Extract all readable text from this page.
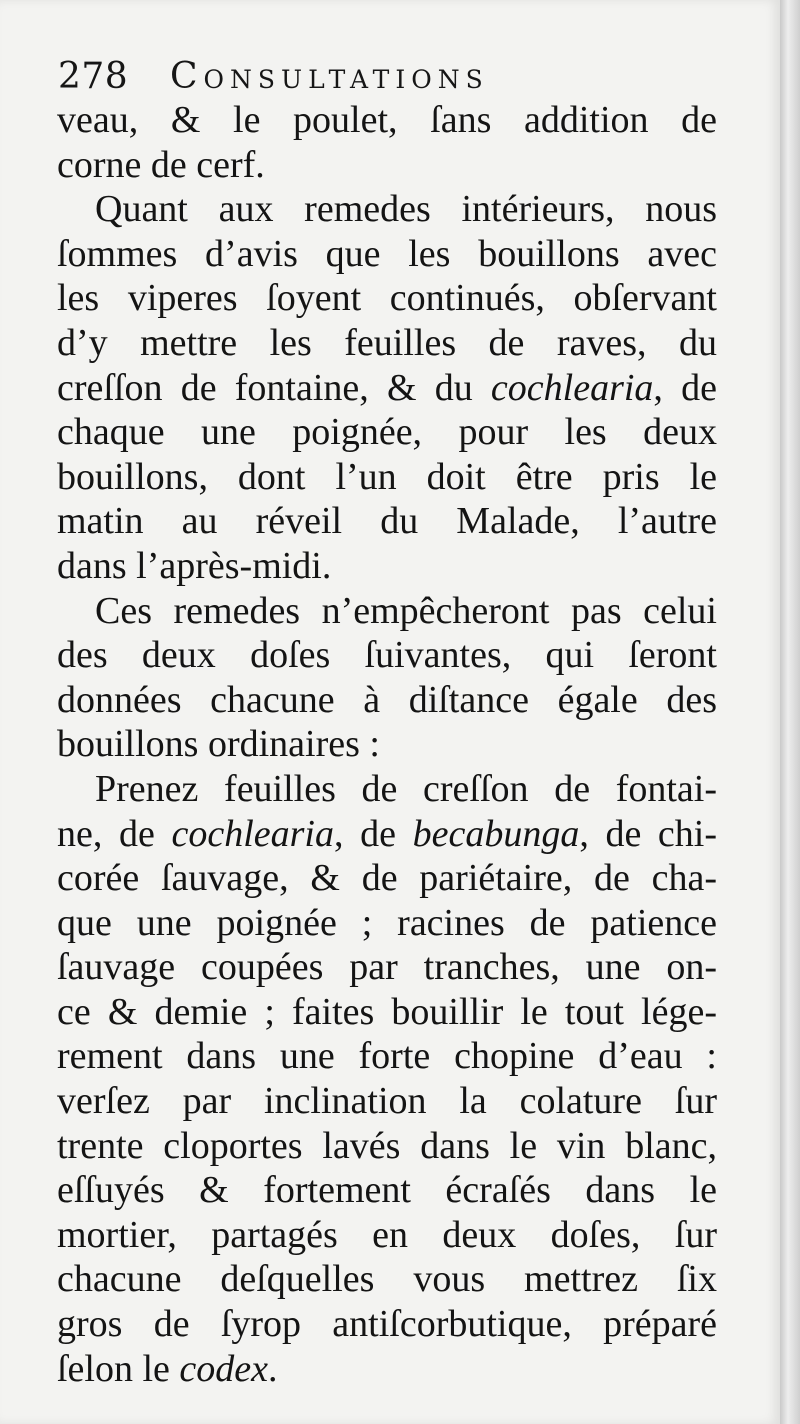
278 Consultations
veau, & le poulet, ſans addition de
corne de cerf.
Quant aux remedes intérieurs, nous
ſommes d’avis que les bouillons avec
les viperes ſoyent continués, obſervant
d’y mettre les feuilles de raves, du
creſſon de fontaine, & du cochlearia, de
chaque une poignée, pour les deux
bouillons, dont l’un doit être pris le
matin au réveil du Malade, l’autre
dans l’après-midi.
Ces remedes n’empêcheront pas celui
des deux doſes ſuivantes, qui ſeront
données chacune à diſtance égale des
bouillons ordinaires :
Prenez feuilles de creſſon de fontai-
ne, de cochlearia, de becabunga, de chi-
corée ſauvage, & de pariétaire, de cha-
que une poignée ; racines de patience
ſauvage coupées par tranches, une on-
ce & demie ; faites bouillir le tout lége-
rement dans une forte chopine d’eau :
verſez par inclination la colature ſur
trente cloportes lavés dans le vin blanc,
eſſuyés & fortement écraſés dans le
mortier, partagés en deux doſes, ſur
chacune deſquelles vous mettrez ſix
gros de ſyrop antiſcorbutique, préparé
ſelon le codex.
